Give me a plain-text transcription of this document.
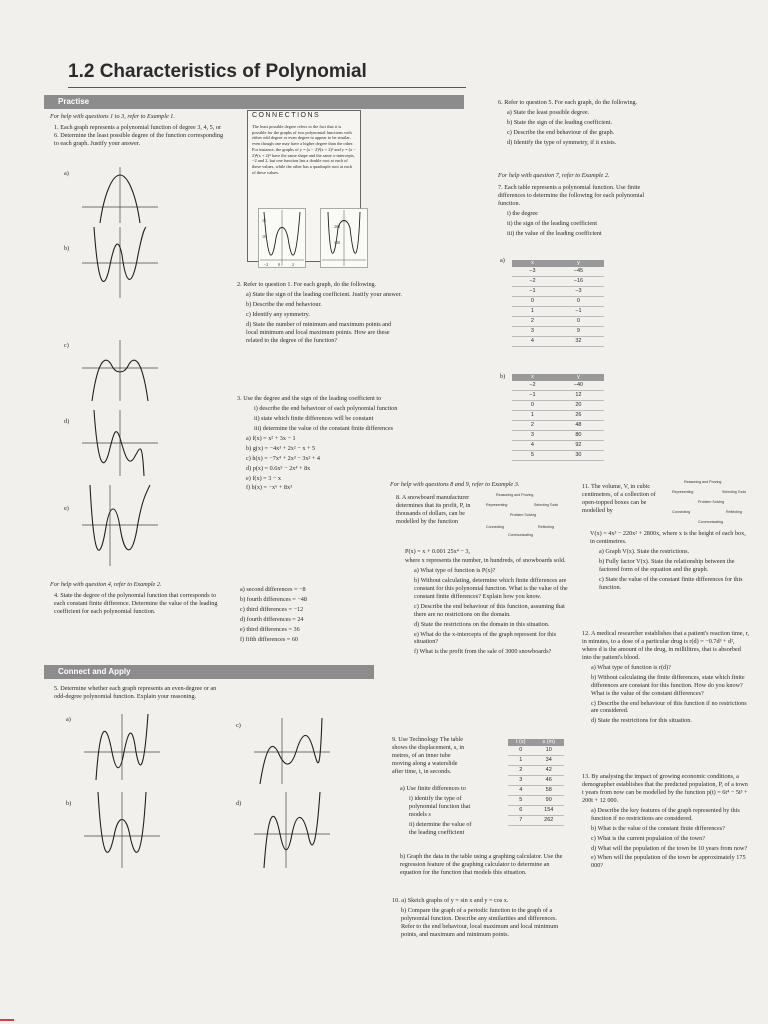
1.2 Characteristics of Polynomial
Practise
For help with questions 1 to 3, refer to Example 1.
1. Each graph represents a polynomial function of degree 3, 4, 5, or 6. Determine the least possible degree of the function corresponding to each graph. Justify your answer.
a)
b)
c)
d)
e)
For help with question 4, refer to Example 2.
4. State the degree of the polynomial function that corresponds to each constant finite difference. Determine the value of the leading coefficient for each polynomial function.
CONNECTIONS
The least possible degree refers to the fact that it is possible for the graphs of two polynomial functions with either odd degree or even degree to appear to be similar, even though one may have a higher degree than the other. For instance, the graphs of y = (x − 2)²(x + 2)² and y = (x − 2)⁴(x + 2)⁴ have the same shape and the same x-intercepts, −2 and 2, but one function has a double root at each of these values, while the other has a quadruple root at each of these values.
15
10
200
100
−2 0	2
2. Refer to question 1. For each graph, do the following.
a) State the sign of the leading coefficient. Justify your answer.
b) Describe the end behaviour.
c) Identify any symmetry.
d) State the number of minimum and maximum points and local minimum and local maximum points. How are these related to the degree of the function?
3. Use the degree and the sign of the leading coefficient to
i) describe the end behaviour of each polynomial function
ii) state which finite differences will be constant
iii) determine the value of the constant finite differences
a) f(x) = x² + 3x − 1
b) g(x) = −4x³ + 2x² − x + 5
c) h(x) = −7x⁴ + 2x³ − 3x² + 4
d) p(x) = 0.6x⁵ − 2x⁴ + 8x
e) f(x) = 3 − x
f) b(x) = −x⁶ + 8x³
a) second differences = −8
b) fourth differences = −48
c) third differences = −12
d) fourth differences = 24
e) third differences = 36
f) fifth differences = 60
Connect and Apply
5. Determine whether each graph represents an even-degree or an odd-degree polynomial function. Explain your reasoning.
a)
b)
c)
d)
6. Refer to question 5. For each graph, do the following.
a) State the least possible degree.
b) State the sign of the leading coefficient.
c) Describe the end behaviour of the graph.
d) Identify the type of symmetry, if it exists.
For help with question 7, refer to Example 2.
7. Each table represents a polynomial function. Use finite differences to determine the following for each polynomial function.
i) the degree
ii) the sign of the leading coefficient
iii) the value of the leading coefficient
a)	x	y
−3	−45
−2	−16
−1	−3
0	0
1	−1
2	0
3	9
4	32
b)	x	y
−2	−40
−1	12
0	20
1	26
2	48
3	80
4	92
5	30
For help with questions 8 and 9, refer to Example 3.
8. A snowboard manufacturer determines that its profit, P, in thousands of dollars, can be modelled by the function
P(x) = x + 0.001 25x⁴ − 3,
where x represents the number, in hundreds, of snowboards sold.
a) What type of function is P(x)?
b) Without calculating, determine which finite differences are constant for this polynomial function. What is the value of the constant finite differences? Explain how you know.
c) Describe the end behaviour of this function, assuming that there are no restrictions on the domain.
d) State the restrictions on the domain in this situation.
e) What do the x-intercepts of the graph represent for this situation?
f) What is the profit from the sale of 3000 snowboards?
Reasoning and Proving
Representing	Selecting Tools
Problem Solving
Connecting	Reflecting
Communicating
9. Use Technology The table shows the displacement, s, in metres, of an inner tube moving along a waterslide after time, t, in seconds.
a) Use finite differences to
i) identify the type of polynomial function that models s
ii) determine the value of the leading coefficient
t (s)	s (m)
0	10
1	34
2	42
3	46
4	58
5	90
6	154
7	262
b) Graph the data in the table using a graphing calculator. Use the regression feature of the graphing calculator to determine an equation for the function that models this situation.
10. a) Sketch graphs of y = sin x and y = cos x.
b) Compare the graph of a periodic function to the graph of a polynomial function. Describe any similarities and differences. Refer to the end behaviour, local maximum and local minimum points, and maximum and minimum points.
11. The volume, V, in cubic centimetres, of a collection of open-topped boxes can be modelled by
V(x) = 4x³ − 220x² + 2800x, where x is the height of each box, in centimetres.
a) Graph V(x). State the restrictions.
b) Fully factor V(x). State the relationship between the factored form of the equation and the graph.
c) State the value of the constant finite differences for this function.
Reasoning and Proving
Representing	Selecting Tools
Problem Solving
Connecting	Reflecting
Communicating
12. A medical researcher establishes that a patient's reaction time, r, in minutes, to a dose of a particular drug is r(d) = −0.7d³ + d², where d is the amount of the drug, in millilitres, that is absorbed into the patient's blood.
a) What type of function is r(d)?
b) Without calculating the finite differences, state which finite differences are constant for this function. How do you know? What is the value of the constant differences?
c) Describe the end behaviour of this function if no restrictions are considered.
d) State the restrictions for this situation.
13. By analysing the impact of growing economic conditions, a demographer establishes that the predicted population, P, of a town t years from now can be modelled by the function p(t) = 6t⁴ − 5t³ + 200t + 12 000.
a) Describe the key features of the graph represented by this function if no restrictions are considered.
b) What is the value of the constant finite differences?
c) What is the current population of the town?
d) What will the population of the town be 10 years from now?
e) When will the population of the town be approximately 175 000?
